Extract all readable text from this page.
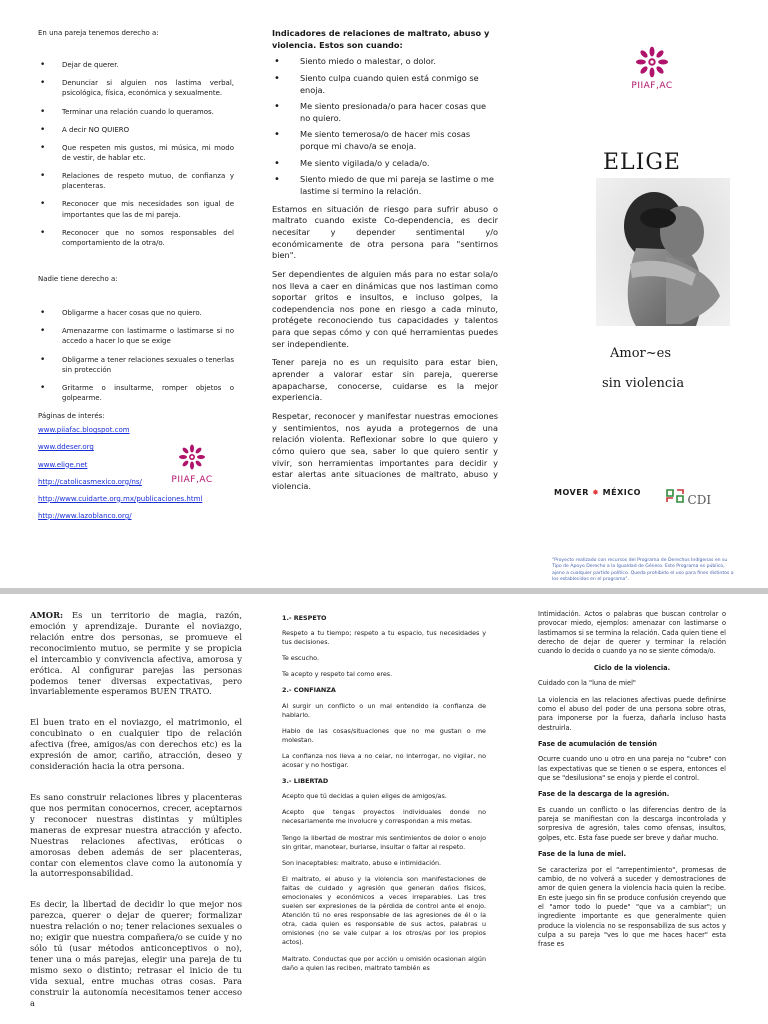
En una pareja tenemos derecho a:
• Dejar de querer.
• Denunciar si alguien nos lastima verbal, psicológica, física, económica y sexualmente.
• Terminar una relación cuando lo queramos.
• A decir NO QUIERO
• Que respeten mis gustos, mi música, mi modo de vestir, de hablar etc.
• Relaciones de respeto mutuo, de confianza y placenteras.
• Reconocer que mis necesidades son igual de importantes que las de mi pareja.
• Reconocer que no somos responsables del comportamiento de la otra/o.
Nadie tiene derecho a:
• Obligarme a hacer cosas que no quiero.
• Amenazarme con lastimarme o lastimarse si no accedo a hacer lo que se exige
• Obligarme a tener relaciones sexuales o tenerlas sin protección
• Gritarme o insultarme, romper objetos o golpearme.
Páginas de interés:
www.piiafac.blogspot.com
www.ddeser.org
www.elige.net
http://catolicasmexico.org/ns/
http://www.cuidarte.org.mx/publicaciones.html
http://www.lazoblanco.org/
PIIAF,AC
Indicadores de relaciones de maltrato, abuso y violencia. Estos son cuando:
• Siento miedo o malestar, o dolor.
• Siento culpa cuando quien está conmigo se enoja.
• Me siento presionada/o para hacer cosas que no quiero.
• Me siento temerosa/o de hacer mis cosas porque mi chavo/a se enoja.
• Me siento vigilada/o y celada/o.
• Siento miedo de que mi pareja se lastime o me lastime si termino la relación.

Estamos en situación de riesgo para sufrir abuso o maltrato cuando existe Co-dependencia, es decir necesitar y depender sentimental y/o económicamente de otra persona para "sentirnos bien".

Ser dependientes de alguien más para no estar sola/o nos lleva a caer en dinámicas que nos lastiman como soportar gritos e insultos, e incluso golpes, la codependencia nos pone en riesgo a cada minuto, protégete reconociendo tus capacidades y talentos para que sepas cómo y con qué herramientas puedes ser independiente.

Tener pareja no es un requisito para estar bien, aprender a valorar estar sin pareja, quererse apapacharse, conocerse, cuidarse es la mejor experiencia.

Respetar, reconocer y manifestar nuestras emociones y sentimientos, nos ayuda a protegernos de una relación violenta. Reflexionar sobre lo que quiero y cómo quiero que sea, saber lo que quiero sentir y vivir, son herramientas importantes para decidir y estar alertas ante situaciones de maltrato, abuso y violencia.

PIIAF,AC
ELIGE
Amor~es
sin violencia
MOVER ✸ MÉXICO
CDI
"Proyecto realizado con recursos del Programa de Derechos Indígenas en su Tipo de Apoyo Derecho a la Igualdad de Género. Este Programa es público, ajeno a cualquier partido político. Queda prohibido el uso para fines distintos a los establecidos en el programa".

AMOR: Es un territorio de magia, razón, emoción y aprendizaje. Durante el noviazgo, relación entre dos personas, se promueve el reconocimiento mutuo, se permite y se propicia el intercambio y convivencia afectiva, amorosa y erótica. Al configurar parejas las personas podemos tener diversas expectativas, pero invariablemente esperamos BUEN TRATO.

El buen trato en el noviazgo, el matrimonio, el concubinato o en cualquier tipo de relación afectiva (free, amigos/as con derechos etc) es la expresión de amor, cariño, atracción, deseo y consideración hacia la otra persona.

Es sano construir relaciones libres y placenteras que nos permitan conocernos, crecer, aceptarnos y reconocer nuestras distintas y múltiples maneras de expresar nuestra atracción y afecto. Nuestras relaciones afectivas, eróticas o amorosas deben además de ser placenteras, contar con elementos clave como la autonomía y la autorresponsabilidad.

Es decir, la libertad de decidir lo que mejor nos parezca, querer o dejar de querer; formalizar nuestra relación o no; tener relaciones sexuales o no; exigir que nuestra compañera/o se cuide y no sólo tú (usar métodos anticonceptivos o no), tener una o más parejas, elegir una pareja de tu mismo sexo o distinto; retrasar el inicio de tu vida sexual, entre muchas otras cosas. Para construir la autonomía necesitamos tener acceso a

1.- RESPETO

Respeto a tu tiempo; respeto a tu espacio, tus necesidades y tus decisiones.

Te escucho.

Te acepto y respeto tal como eres.

2.- CONFIANZA

Al surgir un conflicto o un mal entendido la confianza de hablarlo.

Hablo de las cosas/situaciones que no me gustan o me molestan.

La confianza nos lleva a no celar, no interrogar, no vigilar, no acosar y no hostigar.

3.- LIBERTAD

Acepto que tú decidas a quien eliges de amigos/as.

Acepto que tengas proyectos individuales donde no necesariamente me involucre y correspondan a mis metas.

Tengo la libertad de mostrar mis sentimientos de dolor o enojo sin gritar, manotear, burlarse, insultar o faltar al respeto.

Son inaceptables: maltrato, abuso e intimidación.

El maltrato, el abuso y la violencia son manifestaciones de faltas de cuidado y agresión que generan daños físicos, emocionales y económicos a veces irreparables. Las tres suelen ser expresiones de la pérdida de control ante el enojo. Atención tú no eres responsable de las agresiones de él o la otra, cada quien es responsable de sus actos, palabras u omisiones (no se vale culpar a los otros/as por los propios actos).

Maltrato. Conductas que por acción u omisión ocasionan algún daño a quien las reciben, maltrato también es

Intimidación. Actos o palabras que buscan controlar o provocar miedo, ejemplos: amenazar con lastimarse o lastimarnos si se termina la relación. Cada quien tiene el derecho de dejar de querer y terminar la relación cuando lo decida o cuando ya no se siente cómoda/o.

Ciclo de la violencia.

Cuidado con la "luna de miel"

La violencia en las relaciones afectivas puede definirse como el abuso del poder de una persona sobre otras, para imponerse por la fuerza, dañarla incluso hasta destruirla.

Fase de acumulación de tensión

Ocurre cuando uno u otro en una pareja no "cubre" con las expectativas que se tienen o se espera, entonces el que se "desilusiona" se enoja y pierde el control.

Fase de la descarga de la agresión.

Es cuando un conflicto o las diferencias dentro de la pareja se manifiestan con la descarga incontrolada y sorpresiva de agresión, tales como ofensas, insultos, golpes, etc. Esta fase puede ser breve y dañar mucho.

Fase de la luna de miel.

Se caracteriza por el "arrepentimiento", promesas de cambio, de no volverá a suceder y demostraciones de amor de quien genera la violencia hacia quien la recibe. En este juego sin fin se produce confusión creyendo que el "amor todo lo puede" "que va a cambiar"; un ingrediente importante es que generalmente quien produce la violencia no se responsabiliza de sus actos y culpa a su pareja "ves lo que me haces hacer" esta frase es
